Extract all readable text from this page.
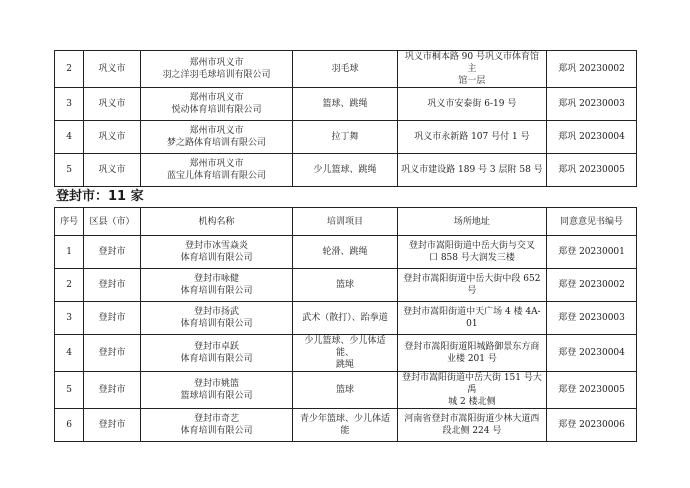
2	巩义市	郑州市巩义市
羽之洋羽毛球培训有限公司	羽毛球	巩义市桐本路 90 号巩义市体育馆主
馆一层	郑巩 20230002

3	巩义市	郑州市巩义市
悦动体育培训有限公司	篮球、跳绳	巩义市安泰街 6-19 号	郑巩 20230003

4	巩义市	郑州市巩义市
梦之路体育培训有限公司	拉丁舞	巩义市永新路 107 号付 1 号	郑巩 20230004

5	巩义市	郑州市巩义市
蓝宝儿体育培训有限公司	少儿篮球、跳绳	巩义市建设路 189 号 3 层附 58 号	郑巩 20230005
登封市：11 家
序号	区县（市）	机构名称	培训项目	场所地址	同意意见书编号

1	登封市	登封市冰雪焱炎
体育培训有限公司	轮滑、跳绳	登封市嵩阳街道中岳大街与交叉
口 858 号大润发三楼	郑登 20230001

2	登封市	登封市咏健
体育培训有限公司	篮球	登封市嵩阳街道中岳大街中段 652 号	郑登 20230002

3	登封市	登封市扬武
体育培训有限公司	武术（散打）、跆拳道	登封市嵩阳街道中天广场 4 楼 4A-01	郑登 20230003

4	登封市	登封市卓跃
体育培训有限公司	少儿篮球、少儿体适能、
跳绳	登封市嵩阳街道阳城路御景东方商
业楼 201 号	郑登 20230004

5	登封市	登封市姚篮
篮球培训有限公司	篮球	登封市嵩阳街道中岳大街 151 号大禹
城 2 楼北侧	郑登 20230005

6	登封市	登封市奇艺
体育培训有限公司	青少年篮球、少儿体适能	河南省登封市嵩阳街道少林大道西
段北侧 224 号	郑登 20230006
